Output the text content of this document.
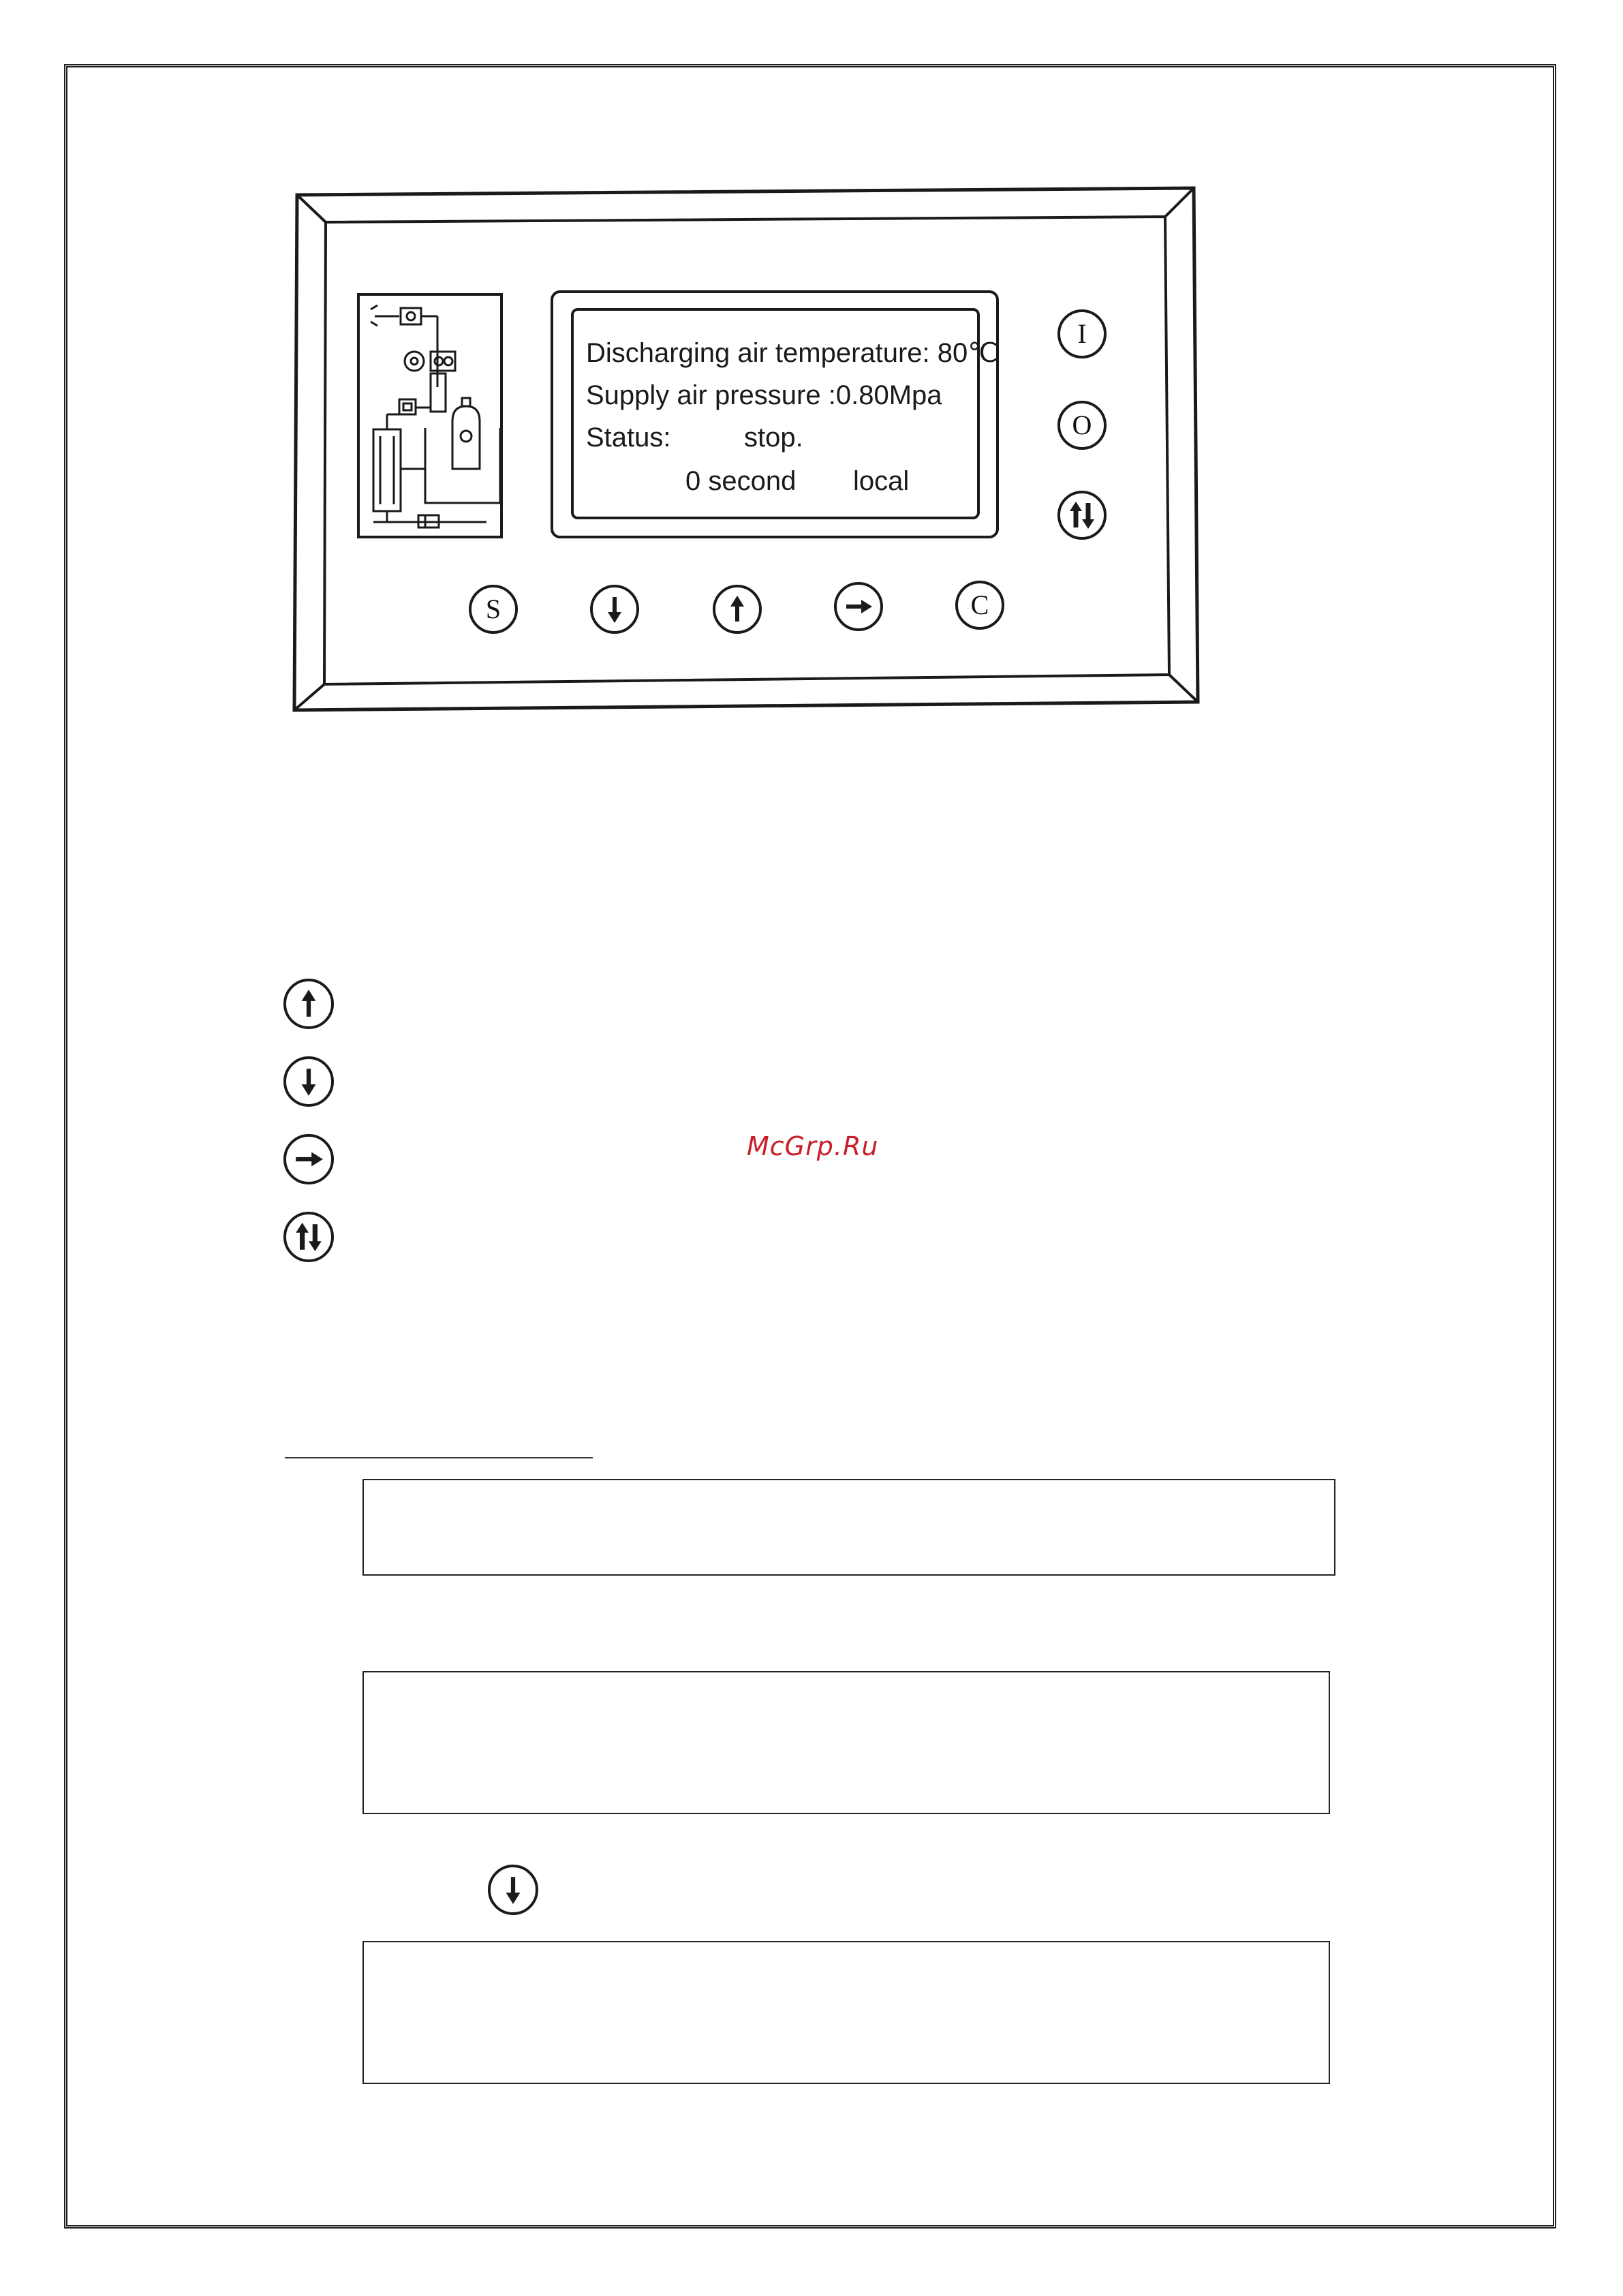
Discharging air temperature: 80℃
Supply air pressure :0.80Mpa
Status:	stop.
0 second local
I
O
S	C
McGrp.Ru
